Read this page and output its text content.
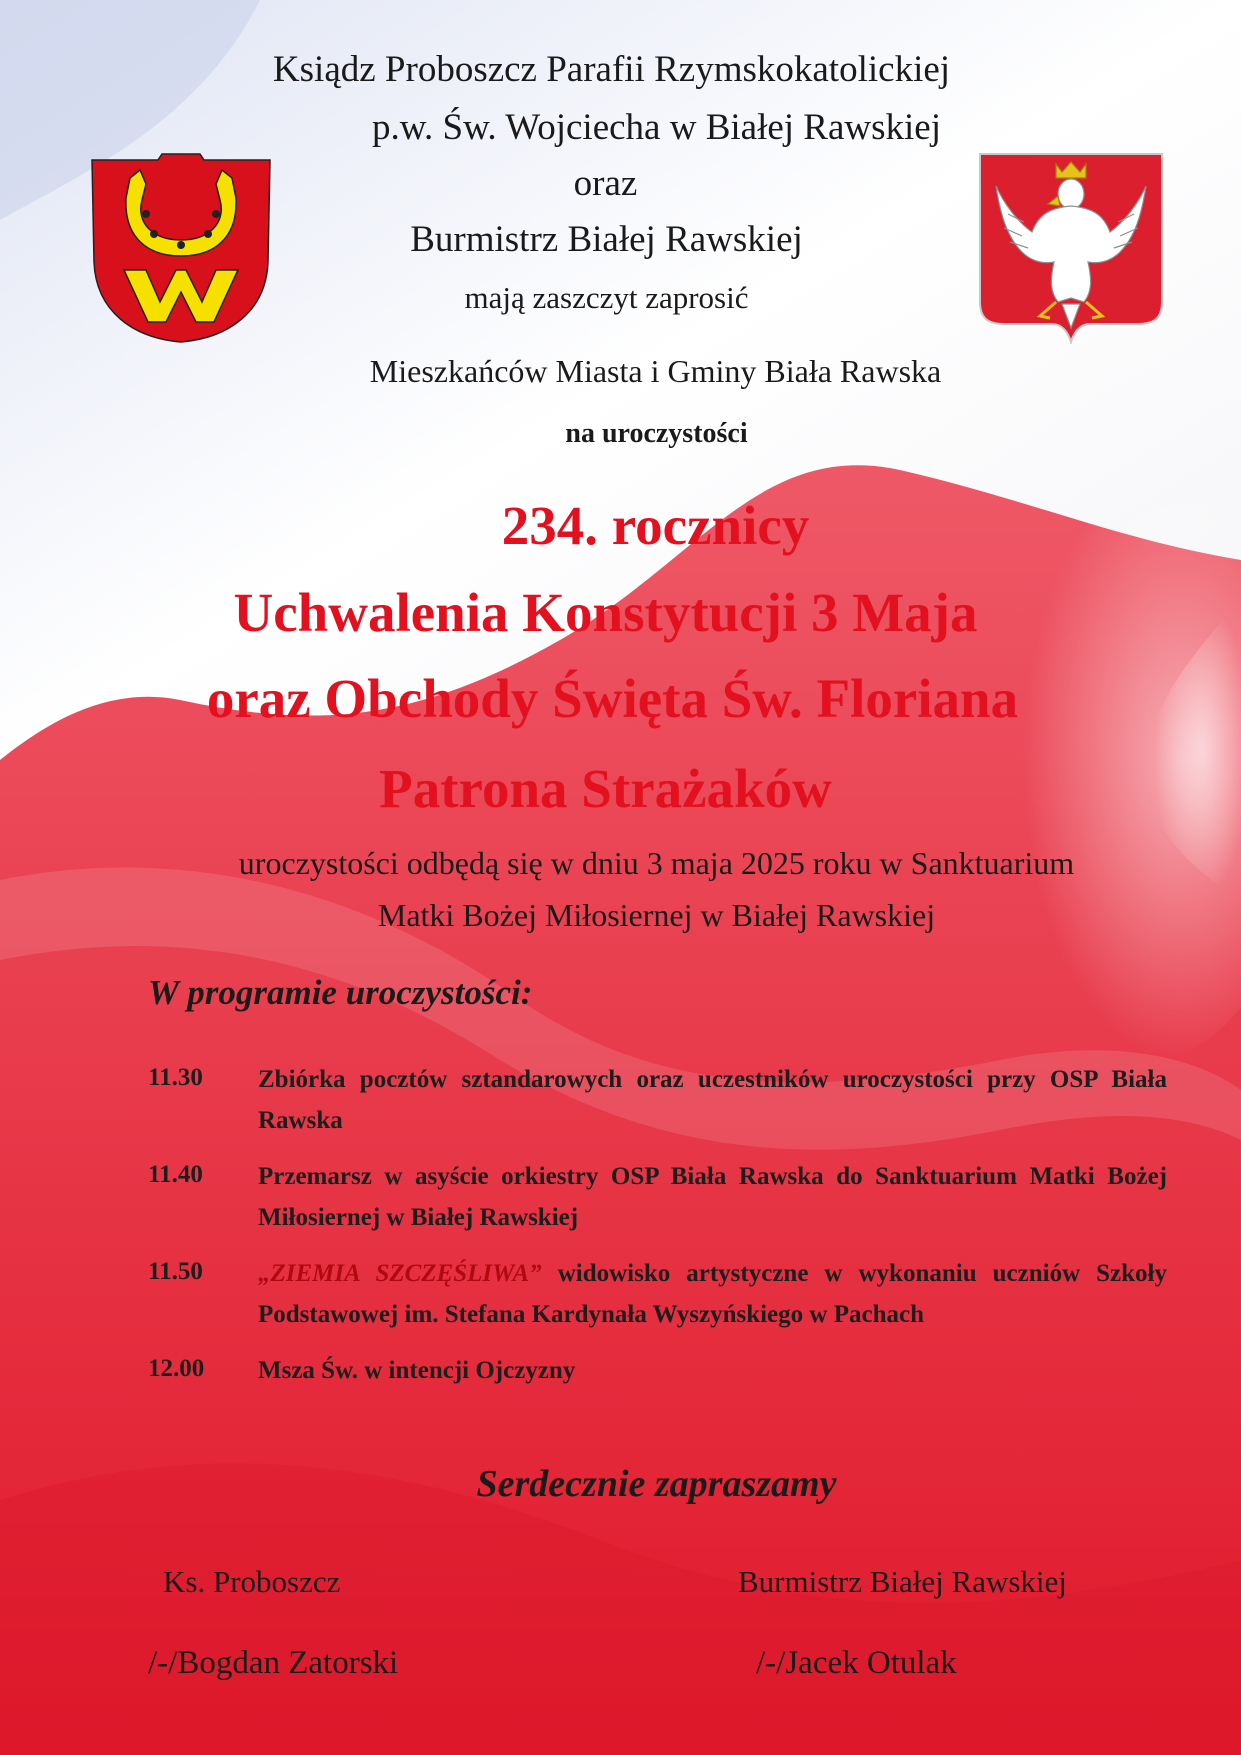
Ksiądz Proboszcz Parafii Rzymskokatolickiej
p.w. Św. Wojciecha w Białej Rawskiej
oraz
Burmistrz Białej Rawskiej
mają zaszczyt zaprosić
Mieszkańców Miasta i Gminy Biała Rawska
na uroczystości
234. rocznicy
Uchwalenia Konstytucji 3 Maja
oraz Obchody Święta Św. Floriana
Patrona Strażaków
uroczystości odbędą się w dniu 3 maja 2025 roku w Sanktuarium
Matki Bożej Miłosiernej w Białej Rawskiej
W programie uroczystości:
11.30 Zbiórka pocztów sztandarowych oraz uczestników uroczystości przy OSP Biała Rawska
11.40 Przemarsz w asyście orkiestry OSP Biała Rawska do Sanktuarium Matki Bożej Miłosiernej w Białej Rawskiej
11.50 „ZIEMIA SZCZĘŚLIWA” widowisko artystyczne w wykonaniu uczniów Szkoły Podstawowej im. Stefana Kardynała Wyszyńskiego w Pachach
12.00 Msza Św. w intencji Ojczyzny
Serdecznie zapraszamy
Ks. Proboszcz	Burmistrz Białej Rawskiej
/-/Bogdan Zatorski	/-/Jacek Otulak
